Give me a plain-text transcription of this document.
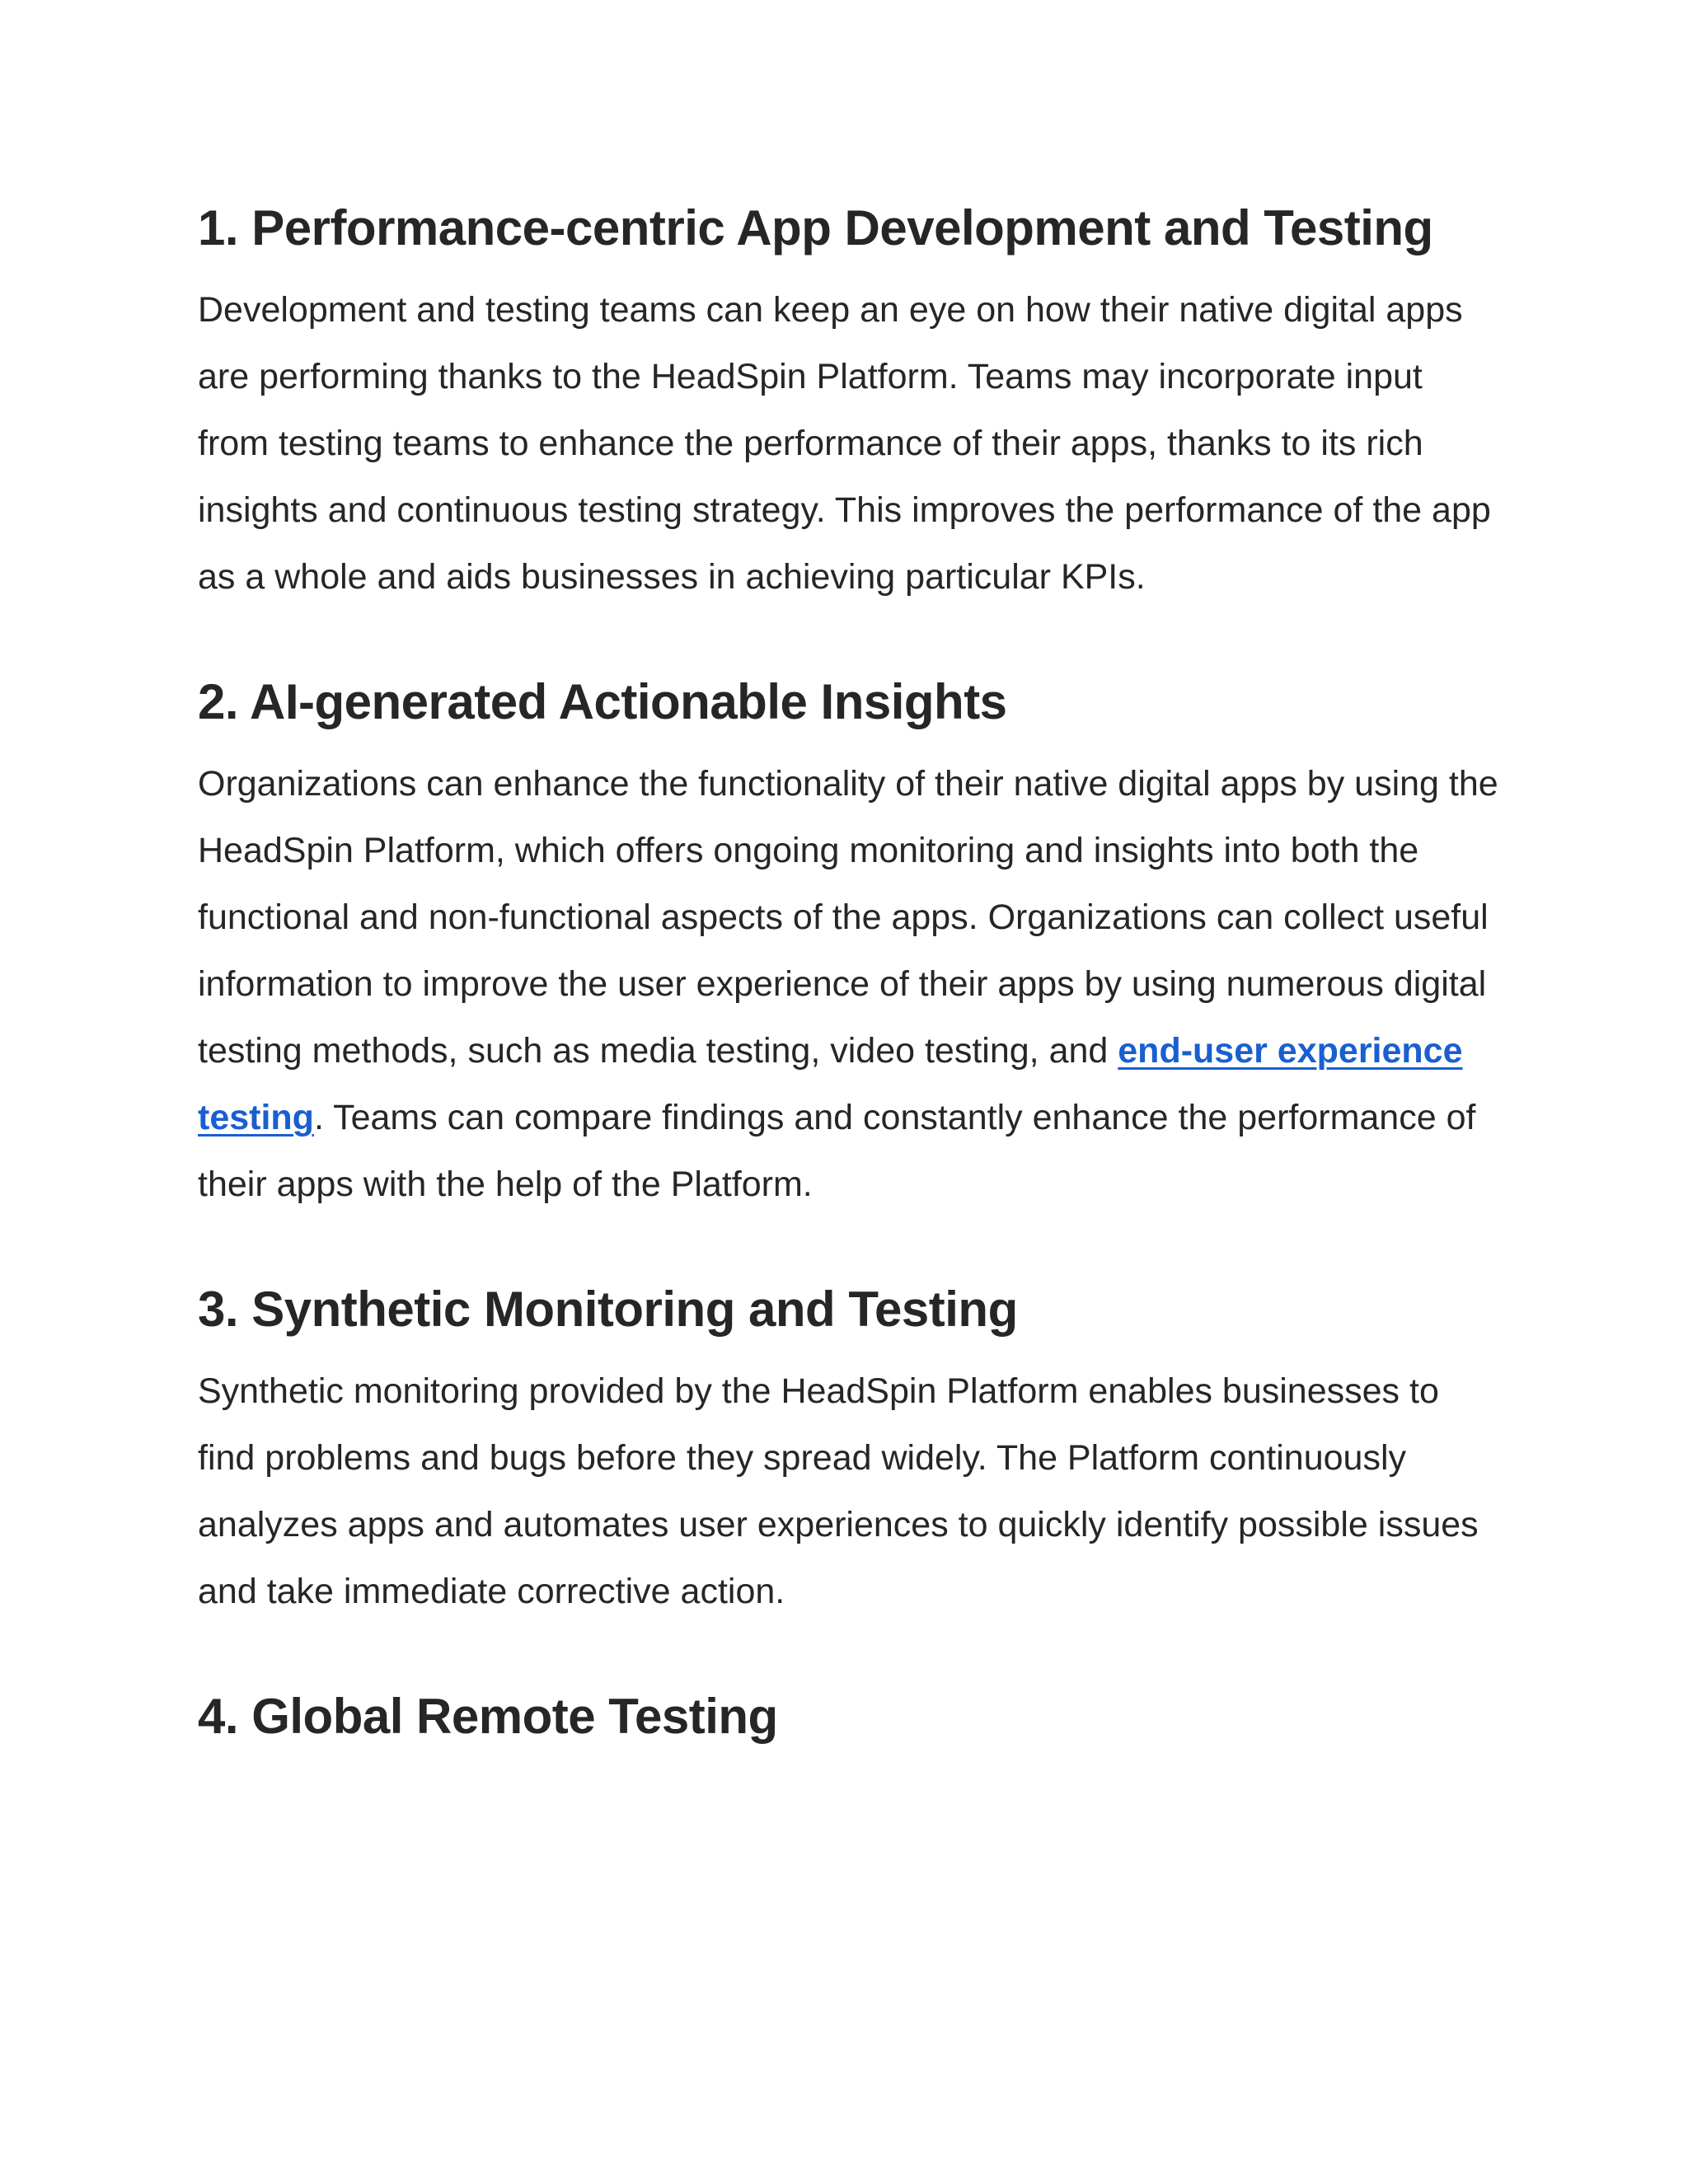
1. Performance-centric App Development and Testing

Development and testing teams can keep an eye on how their native digital apps are performing thanks to the HeadSpin Platform. Teams may incorporate input from testing teams to enhance the performance of their apps, thanks to its rich insights and continuous testing strategy. This improves the performance of the app as a whole and aids businesses in achieving particular KPIs.

2. AI-generated Actionable Insights

Organizations can enhance the functionality of their native digital apps by using the HeadSpin Platform, which offers ongoing monitoring and insights into both the functional and non-functional aspects of the apps. Organizations can collect useful information to improve the user experience of their apps by using numerous digital testing methods, such as media testing, video testing, and end-user experience testing. Teams can compare findings and constantly enhance the performance of their apps with the help of the Platform.

3. Synthetic Monitoring and Testing

Synthetic monitoring provided by the HeadSpin Platform enables businesses to find problems and bugs before they spread widely. The Platform continuously analyzes apps and automates user experiences to quickly identify possible issues and take immediate corrective action.

4. Global Remote Testing
